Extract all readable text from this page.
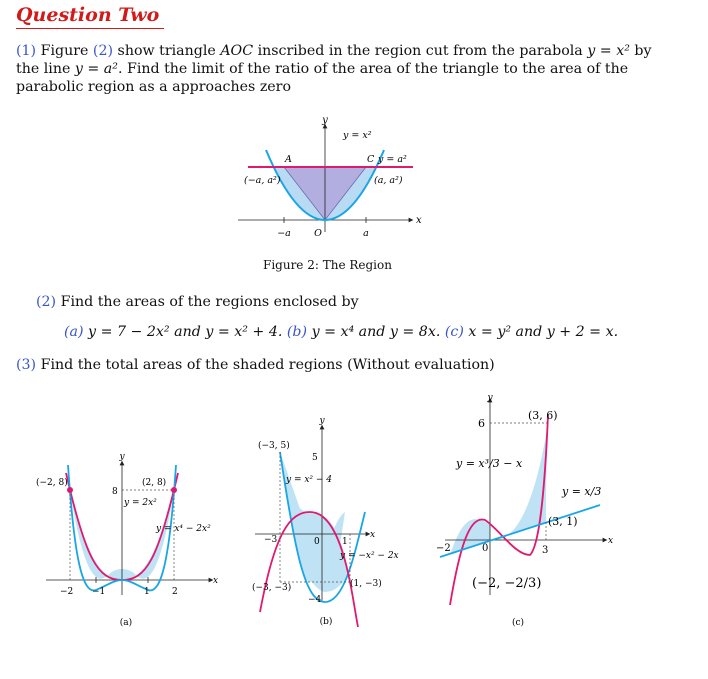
Question Two
(1) Figure (2) show triangle AOC inscribed in the region cut from the parabola y = x² by
the line y = a². Find the limit of the ratio of the area of the triangle to the area of the
parabolic region as a approaches zero
y
x
y = x²
C y = a²
A
(−a, a²)	(a, a²)
−a O	a
Figure 2: The Region
(2) Find the areas of the regions enclosed by
(a) y = 7 − 2x² and y = x² + 4. (b) y = x⁴ and y = 8x. (c) x = y² and y + 2 = x.
(3) Find the total areas of the shaded regions (Without evaluation)
y
x
(−2, 8)	(2, 8)
8
y = 2x²
y = x⁴ − 2x²
−2 −1	1 2
(a)
y
x
(−3, 5)
5
y = x² − 4
−3	0 1
y = −x² − 2x
(−3, −3)	(1, −3)
−4
(b)
y
x
6
(3, 6)
y = x³/3 − x
y = x/3
(3, 1)
3
−2	0
(−2, −2/3)
(c)
